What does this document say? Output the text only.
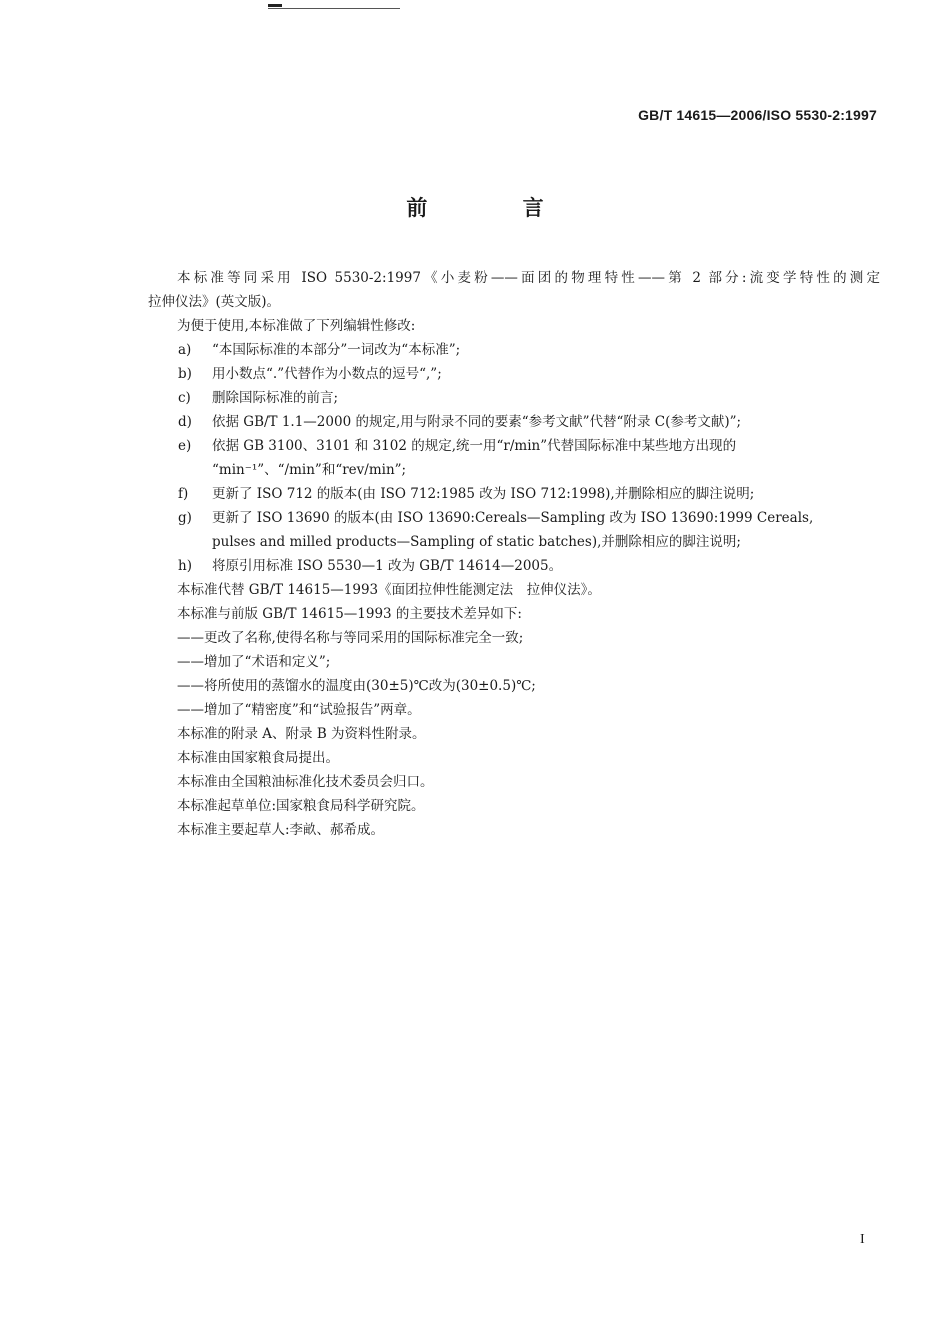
GB/T 14615—2006/ISO 5530-2:1997
前 言
本标准等同采用 ISO 5530-2:1997《小麦粉——面团的物理特性——第 2 部分:流变学特性的测定
拉伸仪法》(英文版)。
为便于使用,本标准做了下列编辑性修改:
a) “本国际标准的本部分”一词改为“本标准”;
b) 用小数点“.”代替作为小数点的逗号“,”;
c) 删除国际标准的前言;
d) 依据 GB/T 1.1—2000 的规定,用与附录不同的要素“参考文献”代替“附录 C(参考文献)”;
e) 依据 GB 3100、3101 和 3102 的规定,统一用“r/min”代替国际标准中某些地方出现的
“min⁻¹”、“/min”和“rev/min”;
f) 更新了 ISO 712 的版本(由 ISO 712:1985 改为 ISO 712:1998),并删除相应的脚注说明;
g) 更新了 ISO 13690 的版本(由 ISO 13690:Cereals—Sampling 改为 ISO 13690:1999 Cereals,
pulses and milled products—Sampling of static batches),并删除相应的脚注说明;
h) 将原引用标准 ISO 5530—1 改为 GB/T 14614—2005。
本标准代替 GB/T 14615—1993《面团拉伸性能测定法　拉伸仪法》。
本标准与前版 GB/T 14615—1993 的主要技术差异如下:
——更改了名称,使得名称与等同采用的国际标准完全一致;
——增加了“术语和定义”;
——将所使用的蒸馏水的温度由(30±5)℃改为(30±0.5)℃;
——增加了“精密度”和“试验报告”两章。
本标准的附录 A、附录 B 为资料性附录。
本标准由国家粮食局提出。
本标准由全国粮油标准化技术委员会归口。
本标准起草单位:国家粮食局科学研究院。
本标准主要起草人:李畝、郝希成。
I
